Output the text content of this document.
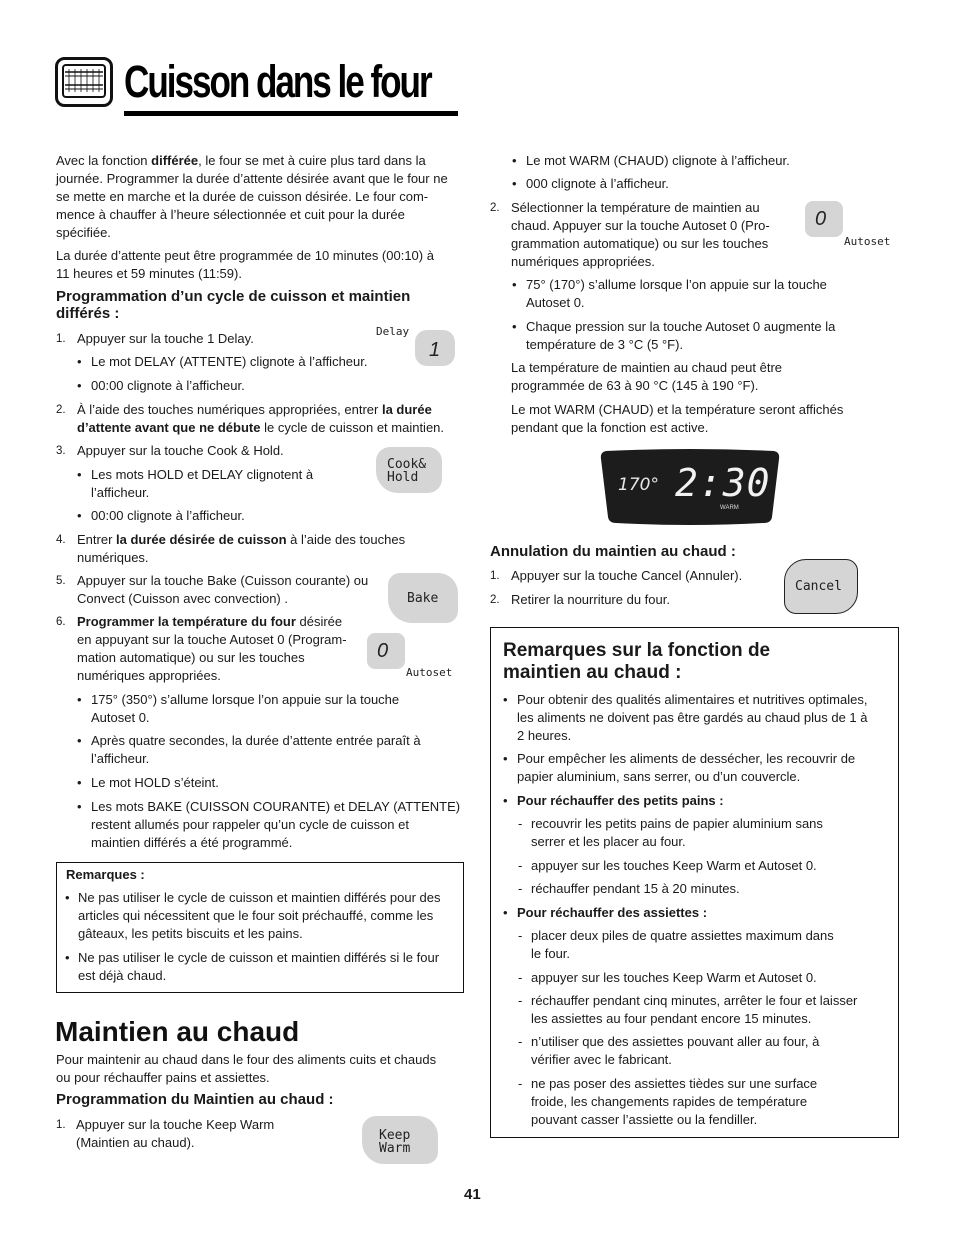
Cuisson dans le four
Avec la fonction différée, le four se met à cuire plus tard dans la
journée. Programmer la durée d’attente désirée avant que le four ne
se mette en marche et la durée de cuisson désirée. Le four com-
mence à chauffer à l’heure sélectionnée et cuit pour la durée
spécifiée.
La durée d’attente peut être programmée de 10 minutes (00:10) à
11 heures et 59 minutes (11:59).
Programmation d’un cycle de cuisson et maintien
différés :
1. Appuyer sur la touche 1 Delay.
• Le mot DELAY (ATTENTE) clignote à l’afficheur.
• 00:00 clignote à l’afficheur.
2. À l’aide des touches numériques appropriées, entrer la durée
d’attente avant que ne débute le cycle de cuisson et maintien.
3. Appuyer sur la touche Cook & Hold.
• Les mots HOLD et DELAY clignotent à
l’afficheur.
• 00:00 clignote à l’afficheur.
4. Entrer la durée désirée de cuisson à l’aide des touches
numériques.
5. Appuyer sur la touche Bake (Cuisson courante) ou
Convect (Cuisson avec convection) .
6. Programmer la température du four désirée
en appuyant sur la touche Autoset 0 (Program-
mation automatique) ou sur les touches
numériques appropriées.
• 175° (350°) s’allume lorsque l’on appuie sur la touche
Autoset 0.
• Après quatre secondes, la durée d’attente entrée paraît à
l’afficheur.
• Le mot HOLD s’éteint.
• Les mots BAKE (CUISSON COURANTE) et DELAY (ATTENTE)
restent allumés pour rappeler qu’un cycle de cuisson et
maintien différés a été programmé.
Remarques :
• Ne pas utiliser le cycle de cuisson et maintien différés pour des
articles qui nécessitent que le four soit préchauffé, comme les
gâteaux, les petits biscuits et les pains.
• Ne pas utiliser le cycle de cuisson et maintien différés si le four
est déjà chaud.
Maintien au chaud
Pour maintenir au chaud dans le four des aliments cuits et chauds
ou pour réchauffer pains et assiettes.
Programmation du Maintien au chaud :
1. Appuyer sur la touche Keep Warm
(Maintien au chaud).
Delay
1
Cook&
Hold
Bake
0
Autoset
Keep
Warm
• Le mot WARM (CHAUD) clignote à l’afficheur.
• 000 clignote à l’afficheur.
2. Sélectionner la température de maintien au
chaud. Appuyer sur la touche Autoset 0 (Pro-
grammation automatique) ou sur les touches
numériques appropriées.
0
Autoset
• 75° (170°) s’allume lorsque l’on appuie sur la touche
Autoset 0.
• Chaque pression sur la touche Autoset 0 augmente la
température de 3 °C (5 °F).
La température de maintien au chaud peut être
programmée de 63 à 90 °C (145 à 190 °F).
Le mot WARM (CHAUD) et la température seront affichés
pendant que la fonction est active.
170° 2:30
WARM
Annulation du maintien au chaud :
1. Appuyer sur la touche Cancel (Annuler).
2. Retirer la nourriture du four.
Cancel
Remarques sur la fonction de
maintien au chaud :
• Pour obtenir des qualités alimentaires et nutritives optimales,
les aliments ne doivent pas être gardés au chaud plus de 1 à
2 heures.
• Pour empêcher les aliments de dessécher, les recouvrir de
papier aluminium, sans serrer, ou d’un couvercle.
• Pour réchauffer des petits pains :
- recouvrir les petits pains de papier aluminium sans
serrer et les placer au four.
- appuyer sur les touches Keep Warm et Autoset 0.
- réchauffer pendant 15 à 20 minutes.
• Pour réchauffer des assiettes :
- placer deux piles de quatre assiettes maximum dans
le four.
- appuyer sur les touches Keep Warm et Autoset 0.
- réchauffer pendant cinq minutes, arrêter le four et laisser
les assiettes au four pendant encore 15 minutes.
- n’utiliser que des assiettes pouvant aller au four, à
vérifier avec le fabricant.
- ne pas poser des assiettes tièdes sur une surface
froide, les changements rapides de température
pouvant casser l’assiette ou la fendiller.
41
